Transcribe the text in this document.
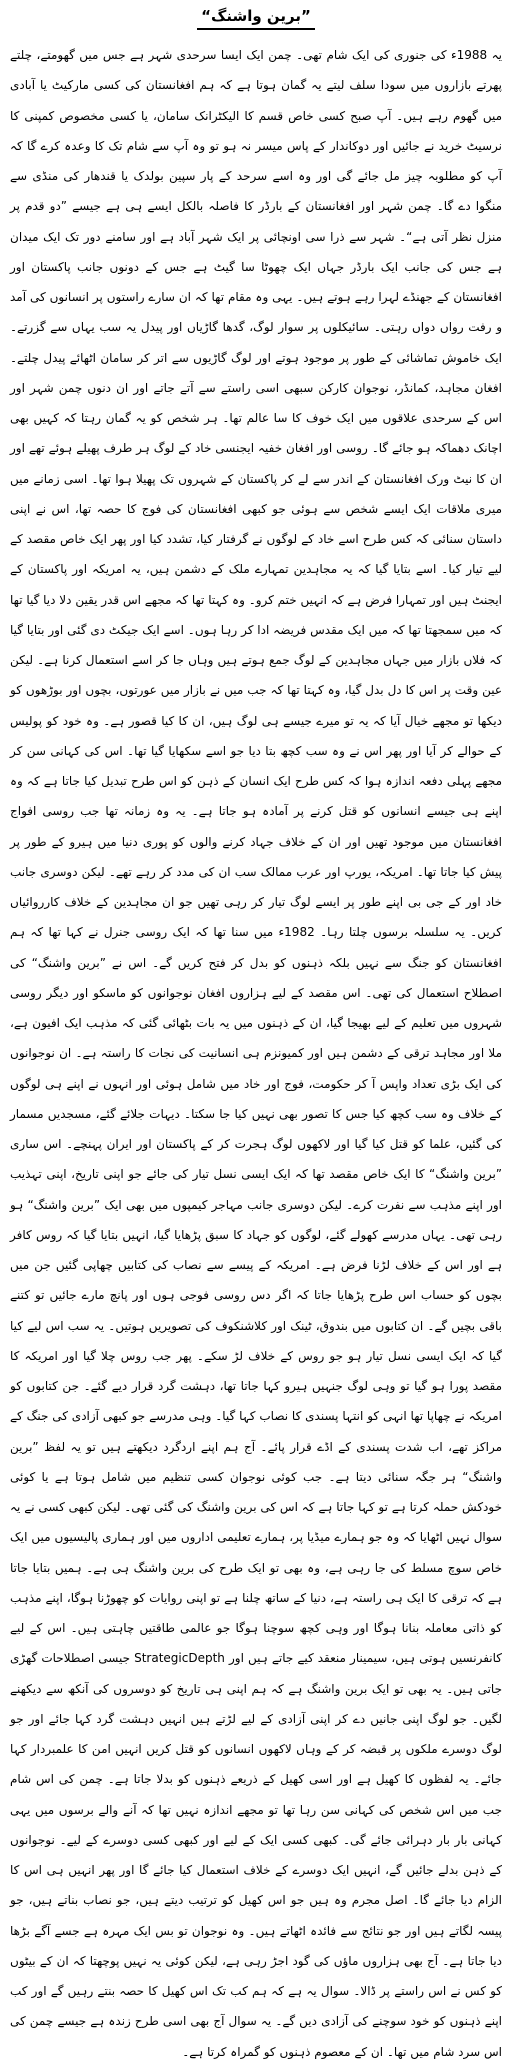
”برین واشنگ“

یہ 1988ء کی جنوری کی ایک شام تھی۔ چمن ایک ایسا سرحدی شہر ہے جس میں گھومتے، چلتے پھرتے بازاروں میں سودا سلف لیتے یہ گمان ہوتا ہے کہ ہم افغانستان کی کسی مارکیٹ یا آبادی میں گھوم رہے ہیں۔ آپ صبح کسی خاص قسم کا الیکٹرانک سامان، یا کسی مخصوص کمپنی کا نرسیٹ خرید نے جائیں اور دوکاندار کے پاس میسر نہ ہو تو وہ آپ سے شام تک کا وعدہ کرے گا کہ آپ کو مطلوبہ چیز مل جائے گی اور وہ اسے سرحد کے پار سپین بولدک یا قندھار کی منڈی سے منگوا دے گا۔ چمن شہر اور افغانستان کے بارڈر کا فاصلہ بالکل ایسے ہی ہے جیسے ”دو قدم پر منزل نظر آتی ہے“۔ شہر سے ذرا سی اونچائی پر ایک شہر آباد ہے اور سامنے دور تک ایک میدان ہے جس کی جانب ایک بارڈر جہاں ایک چھوٹا سا گیٹ ہے جس کے دونوں جانب پاکستان اور افغانستان کے جھنڈے لہرا رہے ہوتے ہیں۔ یہی وہ مقام تھا کہ ان سارے راستوں پر انسانوں کی آمد و رفت رواں دواں رہتی۔ سائیکلوں پر سوار لوگ، گدھا گاڑیاں اور پیدل یہ سب یہاں سے گزرتے۔ ایک خاموش تماشائی کے طور پر موجود ہوتے اور لوگ گاڑیوں سے اتر کر سامان اٹھائے پیدل چلتے۔ افغان مجاہد، کمانڈر، نوجوان کارکن سبھی اسی راستے سے آتے جاتے اور ان دنوں چمن شہر اور اس کے سرحدی علاقوں میں ایک خوف کا سا عالم تھا۔ ہر شخص کو یہ گمان رہتا کہ کہیں بھی اچانک دھماکہ ہو جائے گا۔ روسی اور افغان خفیہ ایجنسی خاد کے لوگ ہر طرف پھیلے ہوئے تھے اور ان کا نیٹ ورک افغانستان کے اندر سے لے کر پاکستان کے شہروں تک پھیلا ہوا تھا۔ اسی زمانے میں میری ملاقات ایک ایسے شخص سے ہوئی جو کبھی افغانستان کی فوج کا حصہ تھا، اس نے اپنی داستان سنائی کہ کس طرح اسے خاد کے لوگوں نے گرفتار کیا، تشدد کیا اور پھر ایک خاص مقصد کے لیے تیار کیا۔ اسے بتایا گیا کہ یہ مجاہدین تمہارے ملک کے دشمن ہیں، یہ امریکہ اور پاکستان کے ایجنٹ ہیں اور تمہارا فرض ہے کہ انہیں ختم کرو۔ وہ کہتا تھا کہ مجھے اس قدر یقین دلا دیا گیا تھا کہ میں سمجھتا تھا کہ میں ایک مقدس فریضہ ادا کر رہا ہوں۔ اسے ایک جیکٹ دی گئی اور بتایا گیا کہ فلاں بازار میں جہاں مجاہدین کے لوگ جمع ہوتے ہیں وہاں جا کر اسے استعمال کرنا ہے۔ لیکن عین وقت پر اس کا دل بدل گیا، وہ کہتا تھا کہ جب میں نے بازار میں عورتوں، بچوں اور بوڑھوں کو دیکھا تو مجھے خیال آیا کہ یہ تو میرے جیسے ہی لوگ ہیں، ان کا کیا قصور ہے۔ وہ خود کو پولیس کے حوالے کر آیا اور پھر اس نے وہ سب کچھ بتا دیا جو اسے سکھایا گیا تھا۔ اس کی کہانی سن کر مجھے پہلی دفعہ اندازہ ہوا کہ کس طرح ایک انسان کے ذہن کو اس طرح تبدیل کیا جاتا ہے کہ وہ اپنے ہی جیسے انسانوں کو قتل کرنے پر آمادہ ہو جاتا ہے۔ یہ وہ زمانہ تھا جب روسی افواج افغانستان میں موجود تھیں اور ان کے خلاف جہاد کرنے والوں کو پوری دنیا میں ہیرو کے طور پر پیش کیا جاتا تھا۔ امریکہ، یورپ اور عرب ممالک سب ان کی مدد کر رہے تھے۔ لیکن دوسری جانب خاد اور کے جی بی اپنے طور پر ایسے لوگ تیار کر رہی تھیں جو ان مجاہدین کے خلاف کارروائیاں کریں۔ یہ سلسلہ برسوں چلتا رہا۔ 1982ء میں سنا تھا کہ ایک روسی جنرل نے کہا تھا کہ ہم افغانستان کو جنگ سے نہیں بلکہ ذہنوں کو بدل کر فتح کریں گے۔ اس نے ”برین واشنگ“ کی اصطلاح استعمال کی تھی۔ اس مقصد کے لیے ہزاروں افغان نوجوانوں کو ماسکو اور دیگر روسی شہروں میں تعلیم کے لیے بھیجا گیا، ان کے ذہنوں میں یہ بات بٹھائی گئی کہ مذہب ایک افیون ہے، ملا اور مجاہد ترقی کے دشمن ہیں اور کمیونزم ہی انسانیت کی نجات کا راستہ ہے۔ ان نوجوانوں کی ایک بڑی تعداد واپس آ کر حکومت، فوج اور خاد میں شامل ہوئی اور انہوں نے اپنے ہی لوگوں کے خلاف وہ سب کچھ کیا جس کا تصور بھی نہیں کیا جا سکتا۔ دیہات جلائے گئے، مسجدیں مسمار کی گئیں، علما کو قتل کیا گیا اور لاکھوں لوگ ہجرت کر کے پاکستان اور ایران پہنچے۔ اس ساری ”برین واشنگ“ کا ایک خاص مقصد تھا کہ ایک ایسی نسل تیار کی جائے جو اپنی تاریخ، اپنی تہذیب اور اپنے مذہب سے نفرت کرے۔ لیکن دوسری جانب مہاجر کیمپوں میں بھی ایک ”برین واشنگ“ ہو رہی تھی۔ یہاں مدرسے کھولے گئے، لوگوں کو جہاد کا سبق پڑھایا گیا، انہیں بتایا گیا کہ روس کافر ہے اور اس کے خلاف لڑنا فرض ہے۔ امریکہ کے پیسے سے نصاب کی کتابیں چھاپی گئیں جن میں بچوں کو حساب اس طرح پڑھایا جاتا کہ اگر دس روسی فوجی ہوں اور پانچ مارے جائیں تو کتنے باقی بچیں گے۔ ان کتابوں میں بندوق، ٹینک اور کلاشنکوف کی تصویریں ہوتیں۔ یہ سب اس لیے کیا گیا کہ ایک ایسی نسل تیار ہو جو روس کے خلاف لڑ سکے۔ پھر جب روس چلا گیا اور امریکہ کا مقصد پورا ہو گیا تو وہی لوگ جنہیں ہیرو کہا جاتا تھا، دہشت گرد قرار دیے گئے۔ جن کتابوں کو امریکہ نے چھاپا تھا انہی کو انتہا پسندی کا نصاب کہا گیا۔ وہی مدرسے جو کبھی آزادی کی جنگ کے مراکز تھے، اب شدت پسندی کے اڈے قرار پائے۔ آج ہم اپنے اردگرد دیکھتے ہیں تو یہ لفظ ”برین واشنگ“ ہر جگہ سنائی دیتا ہے۔ جب کوئی نوجوان کسی تنظیم میں شامل ہوتا ہے یا کوئی خودکش حملہ کرتا ہے تو کہا جاتا ہے کہ اس کی برین واشنگ کی گئی تھی۔ لیکن کبھی کسی نے یہ سوال نہیں اٹھایا کہ وہ جو ہمارے میڈیا پر، ہمارے تعلیمی اداروں میں اور ہماری پالیسیوں میں ایک خاص سوچ مسلط کی جا رہی ہے، وہ بھی تو ایک طرح کی برین واشنگ ہی ہے۔ ہمیں بتایا جاتا ہے کہ ترقی کا ایک ہی راستہ ہے، دنیا کے ساتھ چلنا ہے تو اپنی روایات کو چھوڑنا ہوگا، اپنے مذہب کو ذاتی معاملہ بنانا ہوگا اور وہی کچھ سوچنا ہوگا جو عالمی طاقتیں چاہتی ہیں۔ اس کے لیے کانفرنسیں ہوتی ہیں، سیمینار منعقد کیے جاتے ہیں اور StrategicDepth جیسی اصطلاحات گھڑی جاتی ہیں۔ یہ بھی تو ایک برین واشنگ ہے کہ ہم اپنی ہی تاریخ کو دوسروں کی آنکھ سے دیکھنے لگیں۔ جو لوگ اپنی جانیں دے کر اپنی آزادی کے لیے لڑتے ہیں انہیں دہشت گرد کہا جائے اور جو لوگ دوسرے ملکوں پر قبضہ کر کے وہاں لاکھوں انسانوں کو قتل کریں انہیں امن کا علمبردار کہا جائے۔ یہ لفظوں کا کھیل ہے اور اسی کھیل کے ذریعے ذہنوں کو بدلا جاتا ہے۔ چمن کی اس شام جب میں اس شخص کی کہانی سن رہا تھا تو مجھے اندازہ نہیں تھا کہ آنے والے برسوں میں یہی کہانی بار بار دہرائی جائے گی۔ کبھی کسی ایک کے لیے اور کبھی کسی دوسرے کے لیے۔ نوجوانوں کے ذہن بدلے جائیں گے، انہیں ایک دوسرے کے خلاف استعمال کیا جائے گا اور پھر انہیں ہی اس کا الزام دیا جائے گا۔ اصل مجرم وہ ہیں جو اس کھیل کو ترتیب دیتے ہیں، جو نصاب بناتے ہیں، جو پیسہ لگاتے ہیں اور جو نتائج سے فائدہ اٹھاتے ہیں۔ وہ نوجوان تو بس ایک مہرہ ہے جسے آگے بڑھا دیا جاتا ہے۔ آج بھی ہزاروں ماؤں کی گود اجڑ رہی ہے، لیکن کوئی یہ نہیں پوچھتا کہ ان کے بیٹوں کو کس نے اس راستے پر ڈالا۔ سوال یہ ہے کہ ہم کب تک اس کھیل کا حصہ بنتے رہیں گے اور کب اپنے ذہنوں کو خود سوچنے کی آزادی دیں گے۔ یہ سوال آج بھی اسی طرح زندہ ہے جیسے چمن کی اس سرد شام میں تھا۔ ان کے معصوم ذہنوں کو گمراہ کرتا ہے۔
